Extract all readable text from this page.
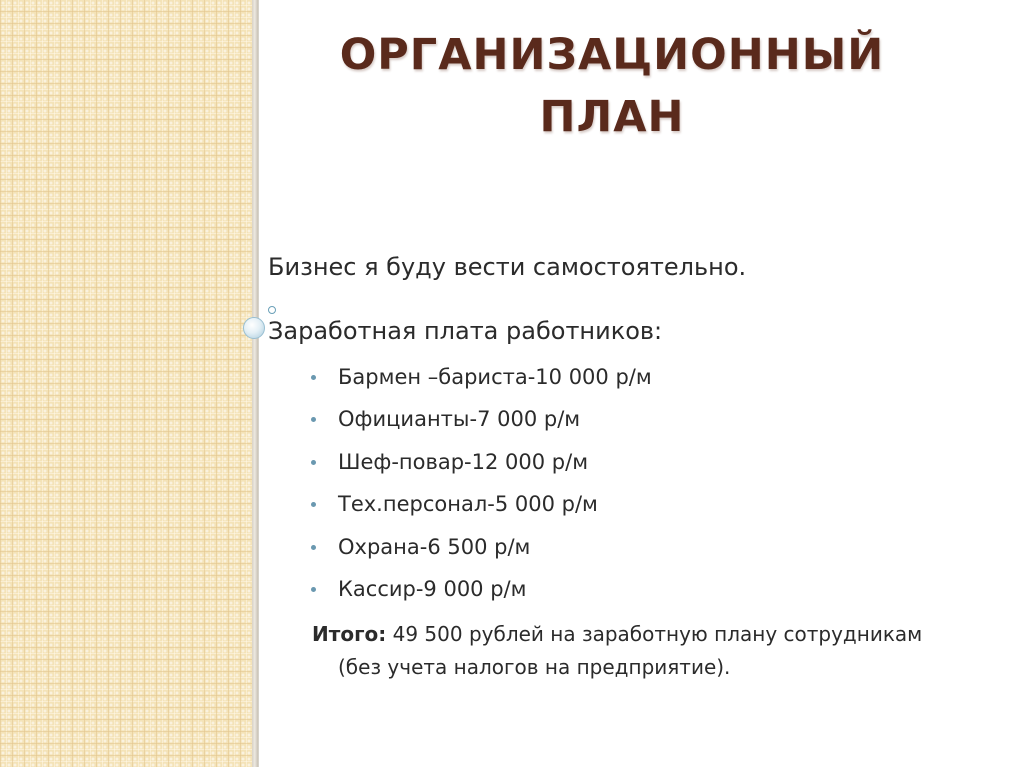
ОРГАНИЗАЦИОННЫЙ
ПЛАН

Бизнес я буду вести самостоятельно.

Заработная плата работников:

Бармен –бариста-10 000 р/м
Официанты-7 000 р/м
Шеф-повар-12 000 р/м
Тех.персонал-5 000 р/м
Охрана-6 500 р/м
Кассир-9 000 р/м

Итого: 49 500 рублей на заработную плану сотрудникам
(без учета налогов на предприятие).
